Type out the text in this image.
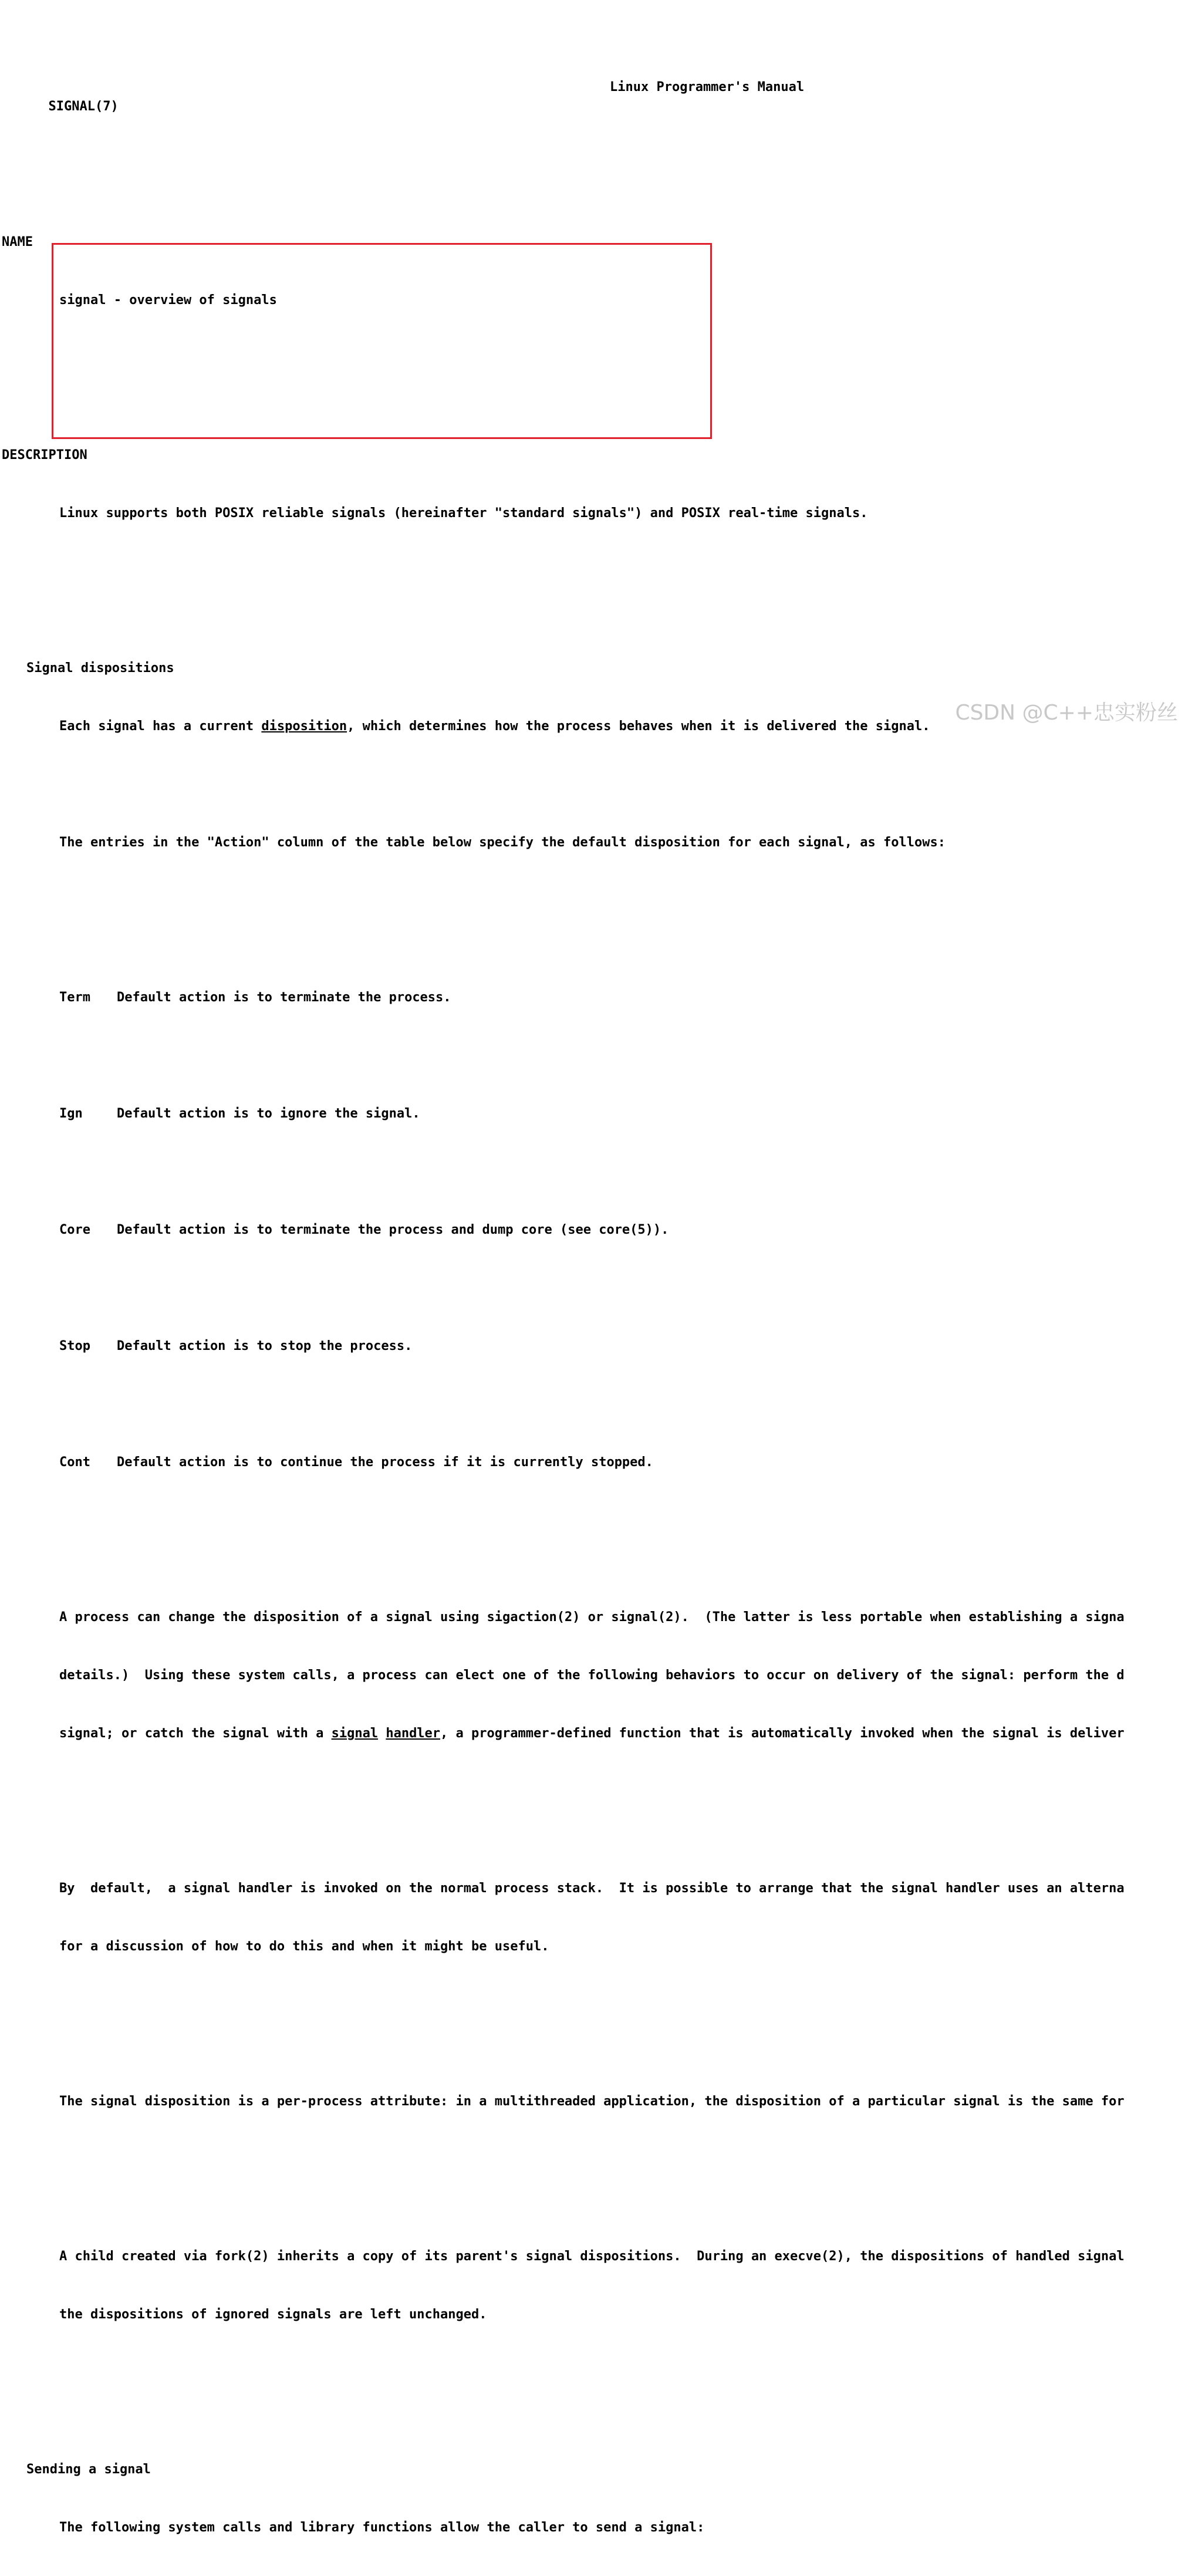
SIGNAL(7)

Linux Programmer's Manual

NAME

signal - overview of signals

DESCRIPTION

Linux supports both POSIX reliable signals (hereinafter "standard signals") and POSIX real-time signals.

Signal dispositions

Each signal has a current disposition, which determines how the process behaves when it is delivered the signal.

The entries in the "Action" column of the table below specify the default disposition for each signal, as follows:

Term Default action is to terminate the process.

Ign	Default action is to ignore the signal.

Core Default action is to terminate the process and dump core (see core(5)).

Stop Default action is to stop the process.

Cont Default action is to continue the process if it is currently stopped.

A process can change the disposition of a signal using sigaction(2) or signal(2).  (The latter is less portable when establishing a signa

details.)  Using these system calls, a process can elect one of the following behaviors to occur on delivery of the signal: perform the d

signal; or catch the signal with a signal handler, a programmer-defined function that is automatically invoked when the signal is deliver

By  default,  a signal handler is invoked on the normal process stack.  It is possible to arrange that the signal handler uses an alterna

for a discussion of how to do this and when it might be useful.

The signal disposition is a per-process attribute: in a multithreaded application, the disposition of a particular signal is the same for

A child created via fork(2) inherits a copy of its parent's signal dispositions.  During an execve(2), the dispositions of handled signal

the dispositions of ignored signals are left unchanged.

Sending a signal

The following system calls and library functions allow the caller to send a signal:

CSDN @C++忠实粉丝
